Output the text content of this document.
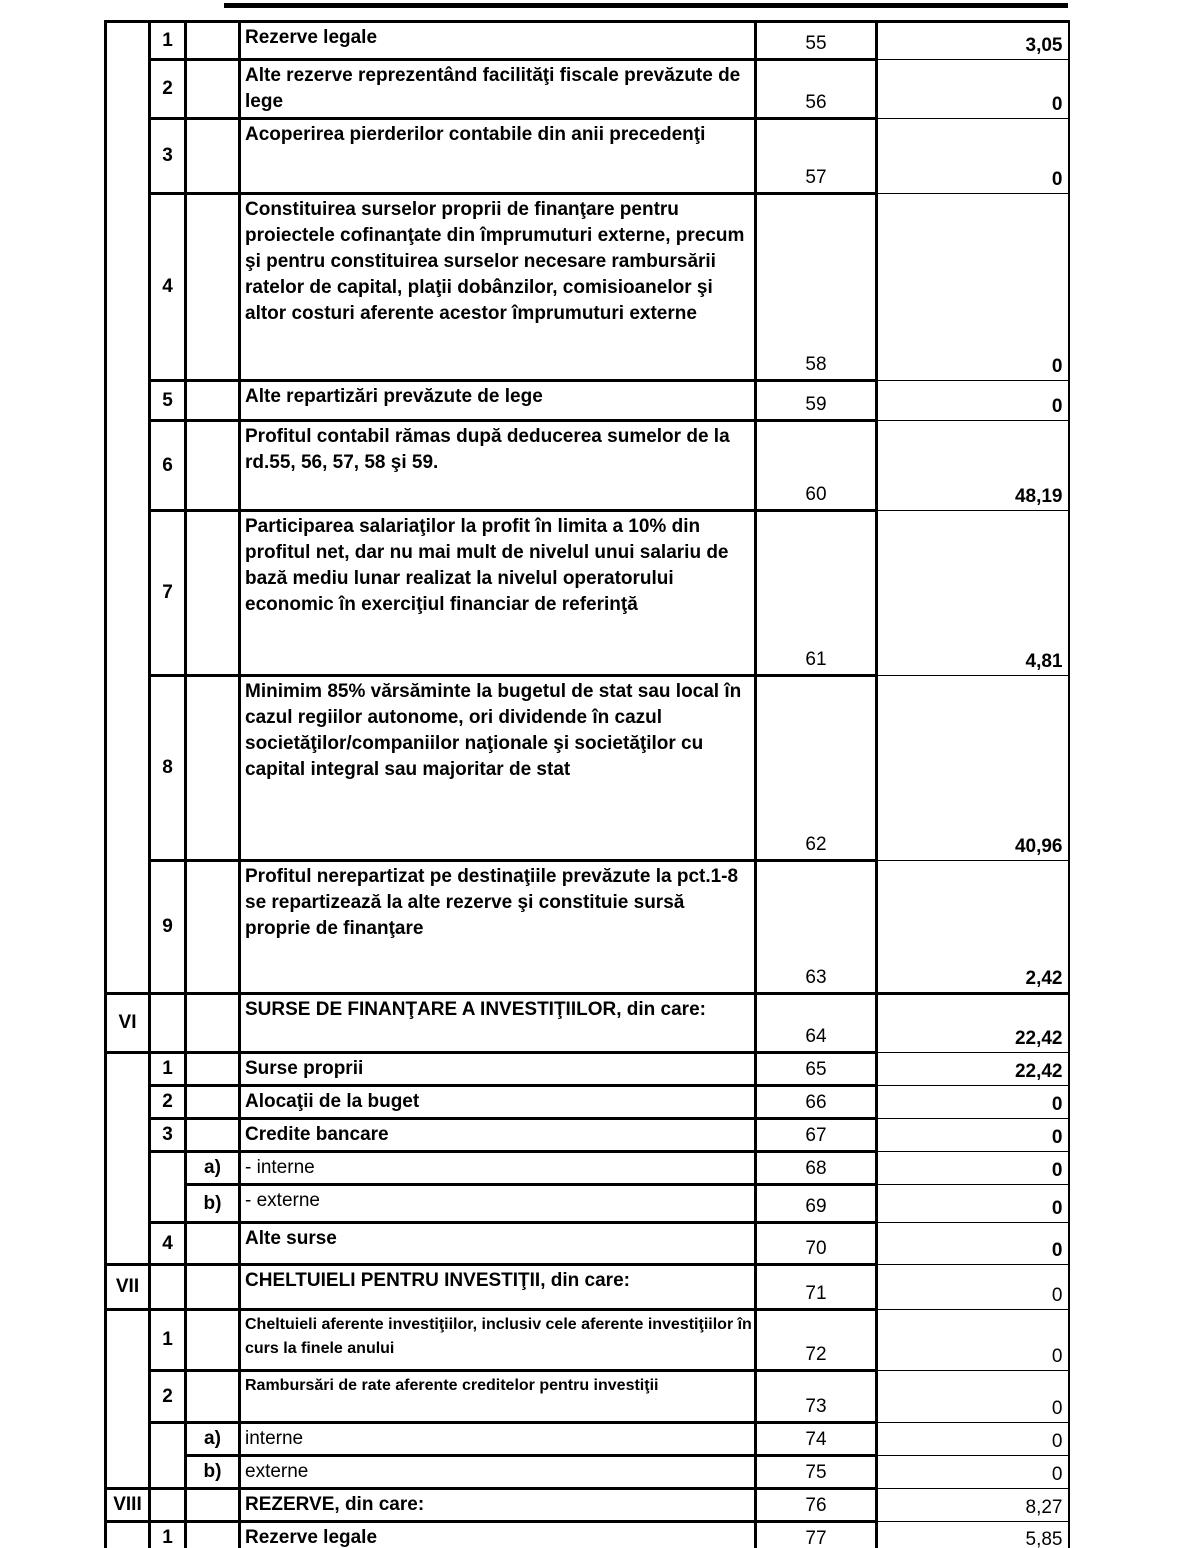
	1		Rezerve legale	55	3,05
	2		Alte rezerve reprezentând facilităţi fiscale prevăzute de lege	56	0
	3		Acoperirea pierderilor contabile din anii precedenţi	57	0
	4		Constituirea surselor proprii de finanţare pentru proiectele cofinanţate din împrumuturi externe, precum şi pentru constituirea surselor necesare rambursării ratelor de capital, plaţii dobânzilor, comisioanelor şi altor costuri aferente acestor împrumuturi externe	58	0
	5		Alte repartizări prevăzute de lege	59	0
	6		Profitul contabil rămas după deducerea sumelor de la rd.55, 56, 57, 58 şi 59.	60	48,19
	7		Participarea salariaţilor la profit în limita a 10% din profitul net, dar nu mai mult de nivelul unui salariu de bază mediu lunar realizat la nivelul operatorului economic în exerciţiul financiar de referinţă	61	4,81
	8		Minimim 85% vărsăminte la bugetul de stat sau local în cazul regiilor autonome, ori dividende în cazul societăţilor/companiilor naţionale şi societăţilor cu capital integral sau majoritar de stat	62	40,96
	9		Profitul nerepartizat pe destinaţiile prevăzute la pct.1-8 se repartizează la alte rezerve şi constituie sursă proprie de finanţare	63	2,42
VI			SURSE DE FINANŢARE A INVESTIŢIILOR, din care:	64	22,42
	1		Surse proprii	65	22,42
	2		Alocaţii de la buget	66	0
	3		Credite bancare	67	0
		a)	- interne	68	0
		b)	- externe	69	0
	4		Alte surse	70	0
VII			CHELTUIELI PENTRU INVESTIŢII, din care:	71	0
	1		Cheltuieli aferente investiţiilor, inclusiv cele aferente investiţiilor în curs la finele anului	72	0
	2		Rambursări de rate aferente creditelor pentru investiţii	73	0
		a)	interne	74	0
		b)	externe	75	0
VIII			REZERVE, din care:	76	8,27
	1		Rezerve legale	77	5,85
